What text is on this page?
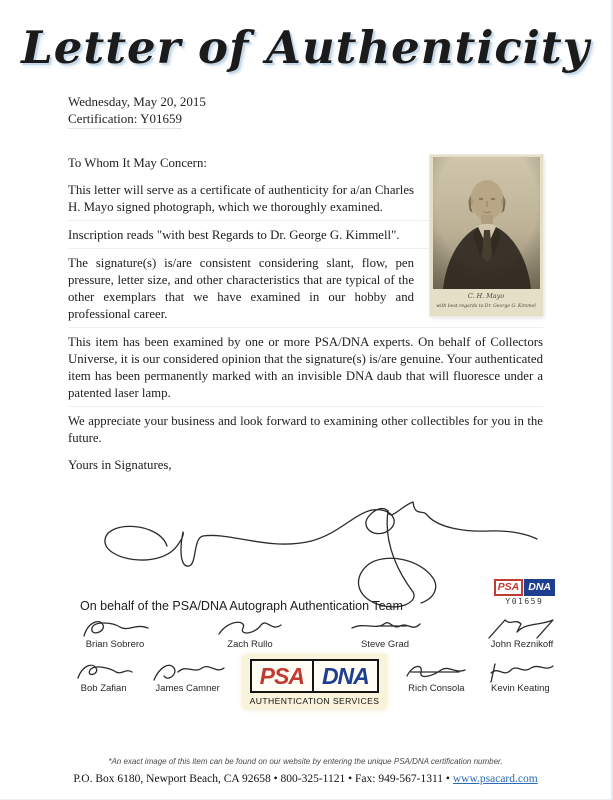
Letter of Authenticity
Wednesday, May 20, 2015
Certification: Y01659
C. H. Mayo
with best regards to Dr. George G. Kimmel

To Whom It May Concern:

This letter will serve as a certificate of authenticity for a/an Charles H. Mayo signed photograph, which we thoroughly examined.

Inscription reads "with best Regards to Dr. George G. Kimmell".

The signature(s) is/are consistent considering slant, flow, pen pressure, letter size, and other characteristics that are typical of the other exemplars that we have examined in our hobby and professional career.

This item has been examined by one or more PSA/DNA experts. On behalf of Collectors Universe, it is our considered opinion that the signature(s) is/are genuine. Your authenticated item has been permanently marked with an invisible DNA daub that will fluoresce under a patented laser lamp.

We appreciate your business and look forward to examining other collectibles for you in the future.

Yours in Signatures,

On behalf of the PSA/DNA Autograph Authentication Team
PSA DNA
Y01659
Brian Sobrero	Zach Rullo	Steve Grad	John Reznikoff
Bob Zafian	James Camner	PSA DNA
AUTHENTICATION SERVICES
Rich Consola	Kevin Keating
*An exact image of this item can be found on our website by entering the unique PSA/DNA certification number.
P.O. Box 6180, Newport Beach, CA 92658 • 800-325-1121 • Fax: 949-567-1311 • www.psacard.com
